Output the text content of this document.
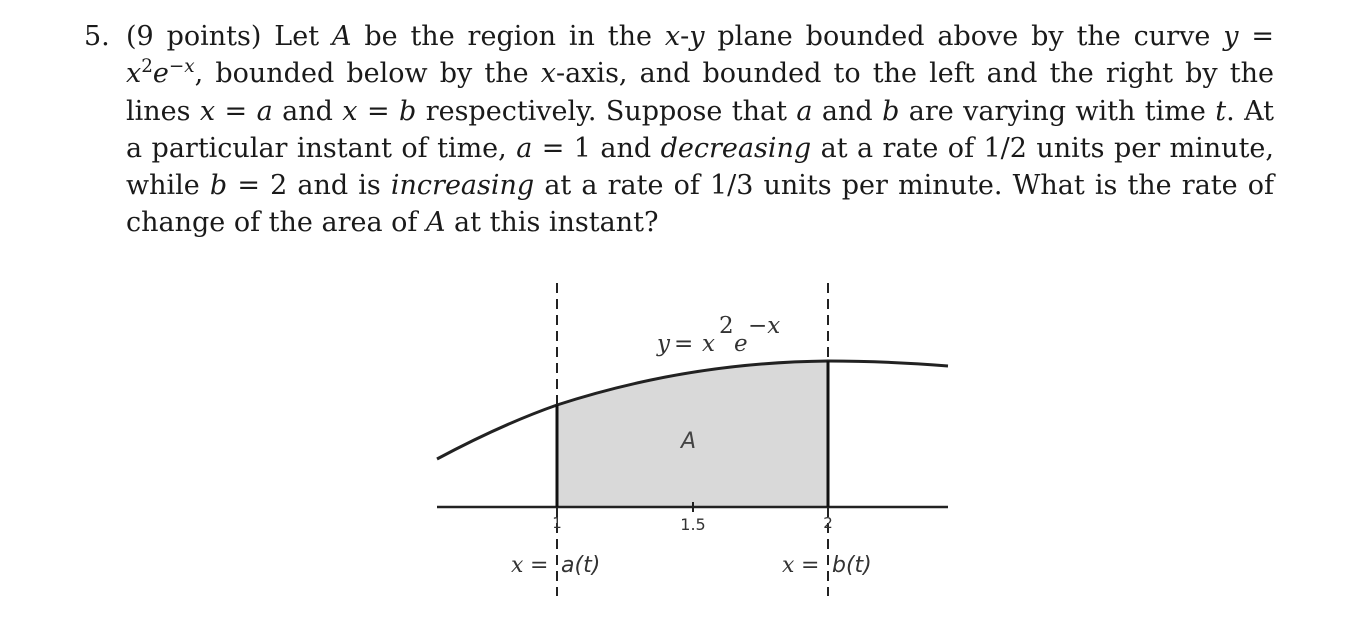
5. (9 points) Let A be the region in the x-y plane bounded above by the curve $y = x^2e^{-x}$, bounded below by the x-axis, and bounded to the left and the right by the lines x = a and x = b respectively. Suppose that a and b are varying with time t. At a particular instant of time, a = 1 and decreasing at a rate of 1/2 units per minute, while b = 2 and is increasing at a rate of 1/3 units per minute. What is the rate of change of the area of A at this instant?
y = x
2
e
−x
A
1	1.5	2
x = a(t)	x = b(t)
